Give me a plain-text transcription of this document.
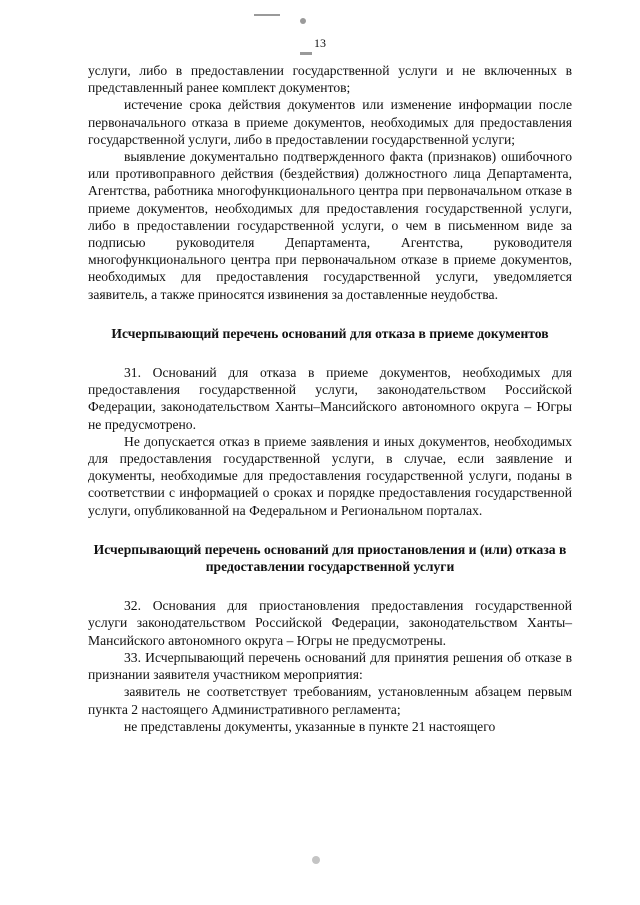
13

услуги, либо в предоставлении государственной услуги и не включенных в представленный ранее комплект документов;

истечение срока действия документов или изменение информации после первоначального отказа в приеме документов, необходимых для предоставления государственной услуги, либо в предоставлении государственной услуги;

выявление документально подтвержденного факта (признаков) ошибочного или противоправного действия (бездействия) должностного лица Департамента, Агентства, работника многофункционального центра при первоначальном отказе в приеме документов, необходимых для предоставления государственной услуги, либо в предоставлении государственной услуги, о чем в письменном виде за подписью руководителя Департамента, Агентства, руководителя многофункционального центра при первоначальном отказе в приеме документов, необходимых для предоставления государственной услуги, уведомляется заявитель, а также приносятся извинения за доставленные неудобства.

Исчерпывающий перечень оснований для отказа в приеме документов

31. Оснований для отказа в приеме документов, необходимых для предоставления государственной услуги, законодательством Российской Федерации, законодательством Ханты–Мансийского автономного округа – Югры не предусмотрено.

Не допускается отказ в приеме заявления и иных документов, необходимых для предоставления государственной услуги, в случае, если заявление и документы, необходимые для предоставления государственной услуги, поданы в соответствии с информацией о сроках и порядке предоставления государственной услуги, опубликованной на Федеральном и Региональном порталах.

Исчерпывающий перечень оснований для приостановления и (или) отказа в предоставлении государственной услуги

32. Основания для приостановления предоставления государственной услуги законодательством Российской Федерации, законодательством Ханты–Мансийского автономного округа – Югры не предусмотрены.

33. Исчерпывающий перечень оснований для принятия решения об отказе в признании заявителя участником мероприятия:

заявитель не соответствует требованиям, установленным абзацем первым пункта 2 настоящего Административного регламента;

не представлены документы, указанные в пункте 21 настоящего
